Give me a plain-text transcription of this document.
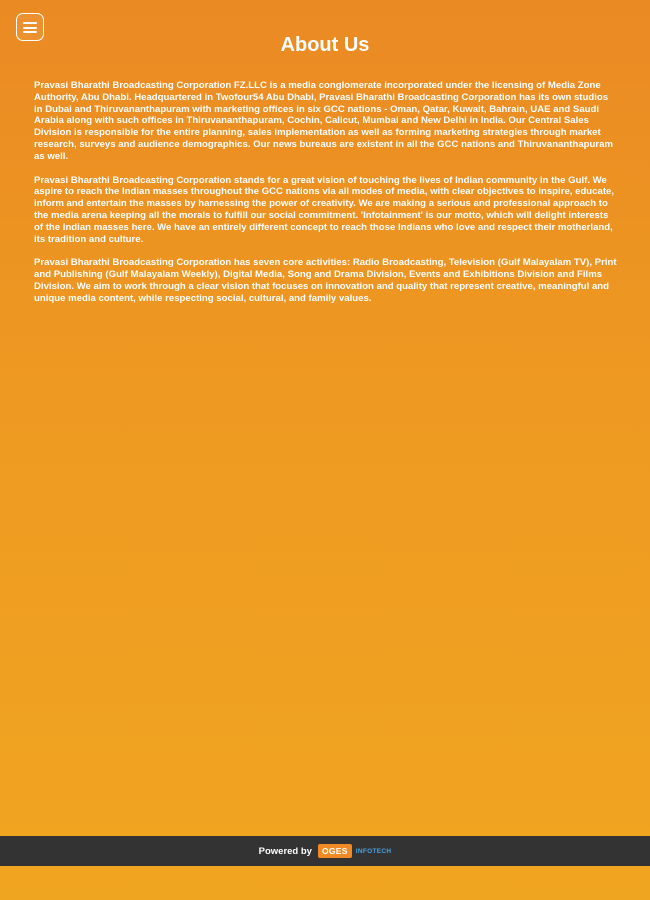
About Us

Pravasi Bharathi Broadcasting Corporation FZ.LLC is a media conglomerate incorporated under the licensing of Media Zone Authority, Abu Dhabi. Headquartered in Twofour54 Abu Dhabi, Pravasi Bharathi Broadcasting Corporation has its own studios in Dubai and Thiruvananthapuram with marketing offices in six GCC nations - Oman, Qatar, Kuwait, Bahrain, UAE and Saudi Arabia along with such offices in Thiruvananthapuram, Cochin, Calicut, Mumbai and New Delhi in India. Our Central Sales Division is responsible for the entire planning, sales implementation as well as forming marketing strategies through market research, surveys and audience demographics. Our news bureaus are existent in all the GCC nations and Thiruvananthapuram as well.

Pravasi Bharathi Broadcasting Corporation stands for a great vision of touching the lives of Indian community in the Gulf. We aspire to reach the Indian masses throughout the GCC nations via all modes of media, with clear objectives to inspire, educate, inform and entertain the masses by harnessing the power of creativity. We are making a serious and professional approach to the media arena keeping all the morals to fulfill our social commitment. 'Infotainment' is our motto, which will delight interests of the Indian masses here. We have an entirely different concept to reach those Indians who love and respect their motherland, its tradition and culture.

Pravasi Bharathi Broadcasting Corporation has seven core activities: Radio Broadcasting, Television (Gulf Malayalam TV), Print and Publishing (Gulf Malayalam Weekly), Digital Media, Song and Drama Division, Events and Exhibitions Division and Films Division. We aim to work through a clear vision that focuses on innovation and quality that represent creative, meaningful and unique media content, while respecting social, cultural, and family values.

Powered by	OGES	INFOTECH
